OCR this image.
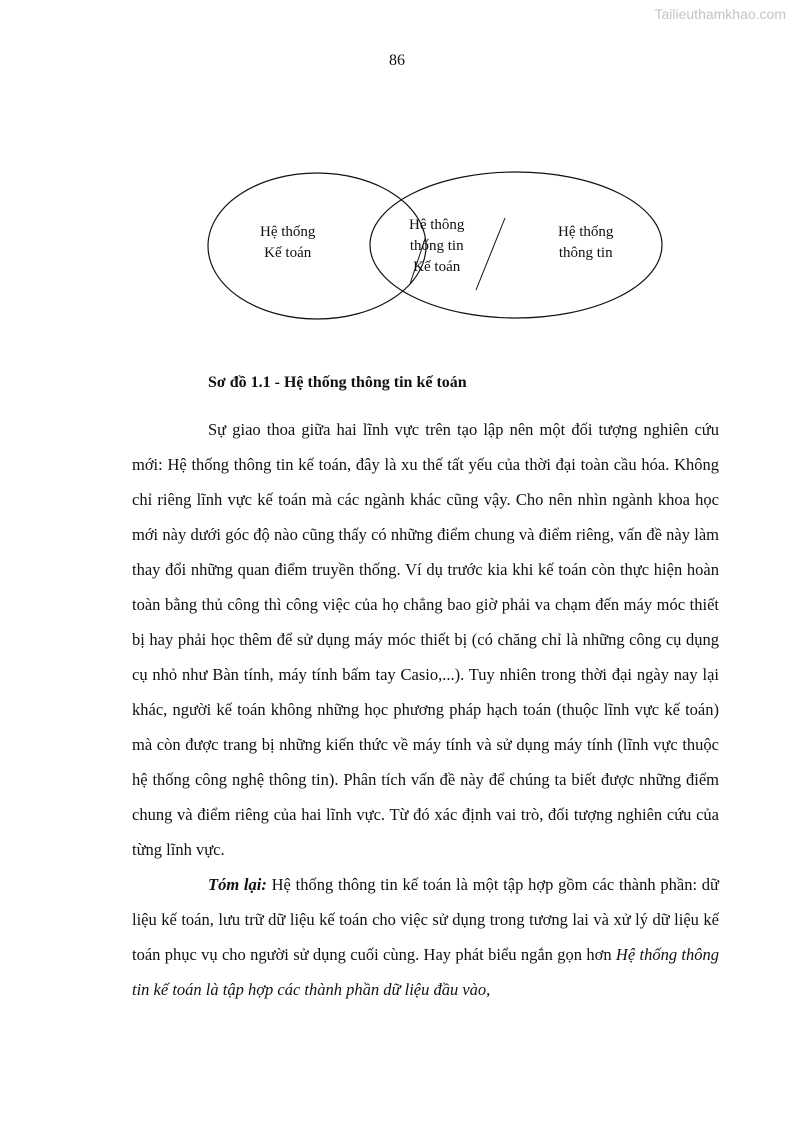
Tailieuthamkhao.com
86
Hệ thống
Kế toán
Hệ thông
thống tin
Kế toán
Hệ thống
thông tin
Sơ đồ 1.1 - Hệ thống thông tin kế toán

Sự giao thoa giữa hai lĩnh vực trên tạo lập nên một đối tượng nghiên cứu mới: Hệ thống thông tin kế toán, đây là xu thế tất yếu của thời đại toàn cầu hóa. Không chỉ riêng lĩnh vực kế toán mà các ngành khác cũng vậy. Cho nên nhìn ngành khoa học mới này dưới góc độ nào cũng thấy có những điểm chung và điểm riêng, vấn đề này làm thay đổi những quan điểm truyền thống. Ví dụ trước kia khi kế toán còn thực hiện hoàn toàn bằng thủ công thì công việc của họ chẳng bao giờ phải va chạm đến máy móc thiết bị hay phải học thêm để sử dụng máy móc thiết bị (có chăng chỉ là những công cụ dụng cụ nhỏ như Bàn tính, máy tính bấm tay Casio,...). Tuy nhiên trong thời đại ngày nay lại khác, người kế toán không những học phương pháp hạch toán (thuộc lĩnh vực kế toán) mà còn được trang bị những kiến thức về máy tính và sử dụng máy tính (lĩnh vực thuộc hệ thống công nghệ thông tin). Phân tích vấn đề này để chúng ta biết được những điểm chung và điểm riêng của hai lĩnh vực. Từ đó xác định vai trò, đối tượng nghiên cứu của từng lĩnh vực.

Tóm lại: Hệ thống thông tin kế toán là một tập hợp gồm các thành phần: dữ liệu kế toán, lưu trữ dữ liệu kế toán cho việc sử dụng trong tương lai và xử lý dữ liệu kế toán phục vụ cho người sử dụng cuối cùng. Hay phát biểu ngắn gọn hơn Hệ thống thông tin kế toán là tập hợp các thành phần dữ liệu đầu vào,
